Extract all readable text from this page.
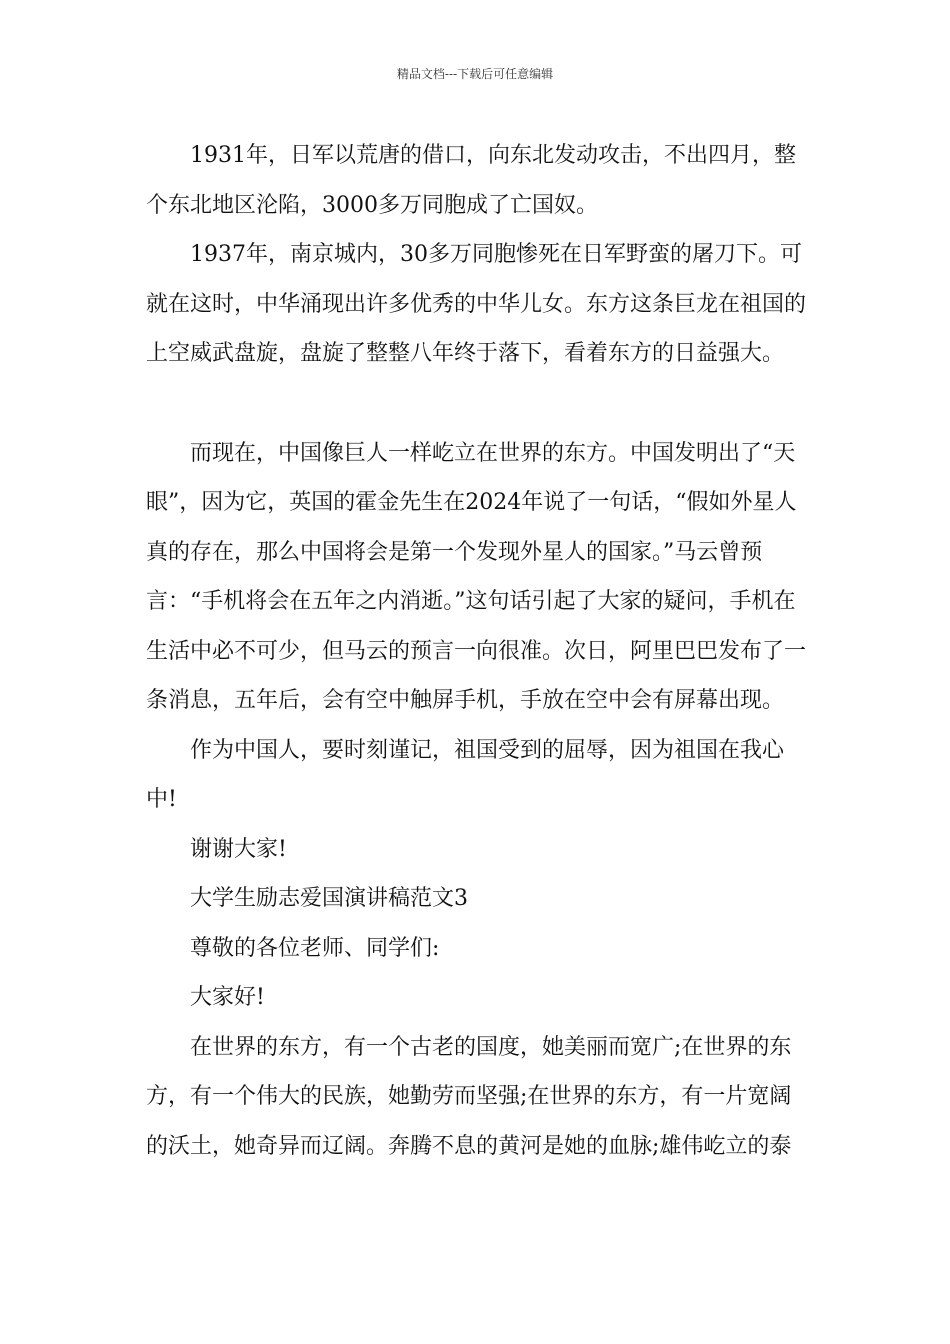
精品文档---下载后可任意编辑

1931年，日军以荒唐的借口，向东北发动攻击，不出四月，整个东北地区沦陷，3000多万同胞成了亡国奴。

1937年，南京城内，30多万同胞惨死在日军野蛮的屠刀下。可就在这时，中华涌现出许多优秀的中华儿女。东方这条巨龙在祖国的上空威武盘旋，盘旋了整整八年终于落下，看着东方的日益强大。

而现在，中国像巨人一样屹立在世界的东方。中国发明出了“天眼”，因为它，英国的霍金先生在2024年说了一句话，“假如外星人真的存在，那么中国将会是第一个发现外星人的国家。”马云曾预言：“手机将会在五年之内消逝。”这句话引起了大家的疑问，手机在生活中必不可少，但马云的预言一向很准。次日，阿里巴巴发布了一条消息，五年后，会有空中触屏手机，手放在空中会有屏幕出现。

作为中国人，要时刻谨记，祖国受到的屈辱，因为祖国在我心中!

谢谢大家!

大学生励志爱国演讲稿范文3

尊敬的各位老师、同学们:

大家好!

在世界的东方，有一个古老的国度，她美丽而宽广;在世界的东方，有一个伟大的民族，她勤劳而坚强;在世界的东方，有一片宽阔的沃土，她奇异而辽阔。奔腾不息的黄河是她的血脉;雄伟屹立的泰
